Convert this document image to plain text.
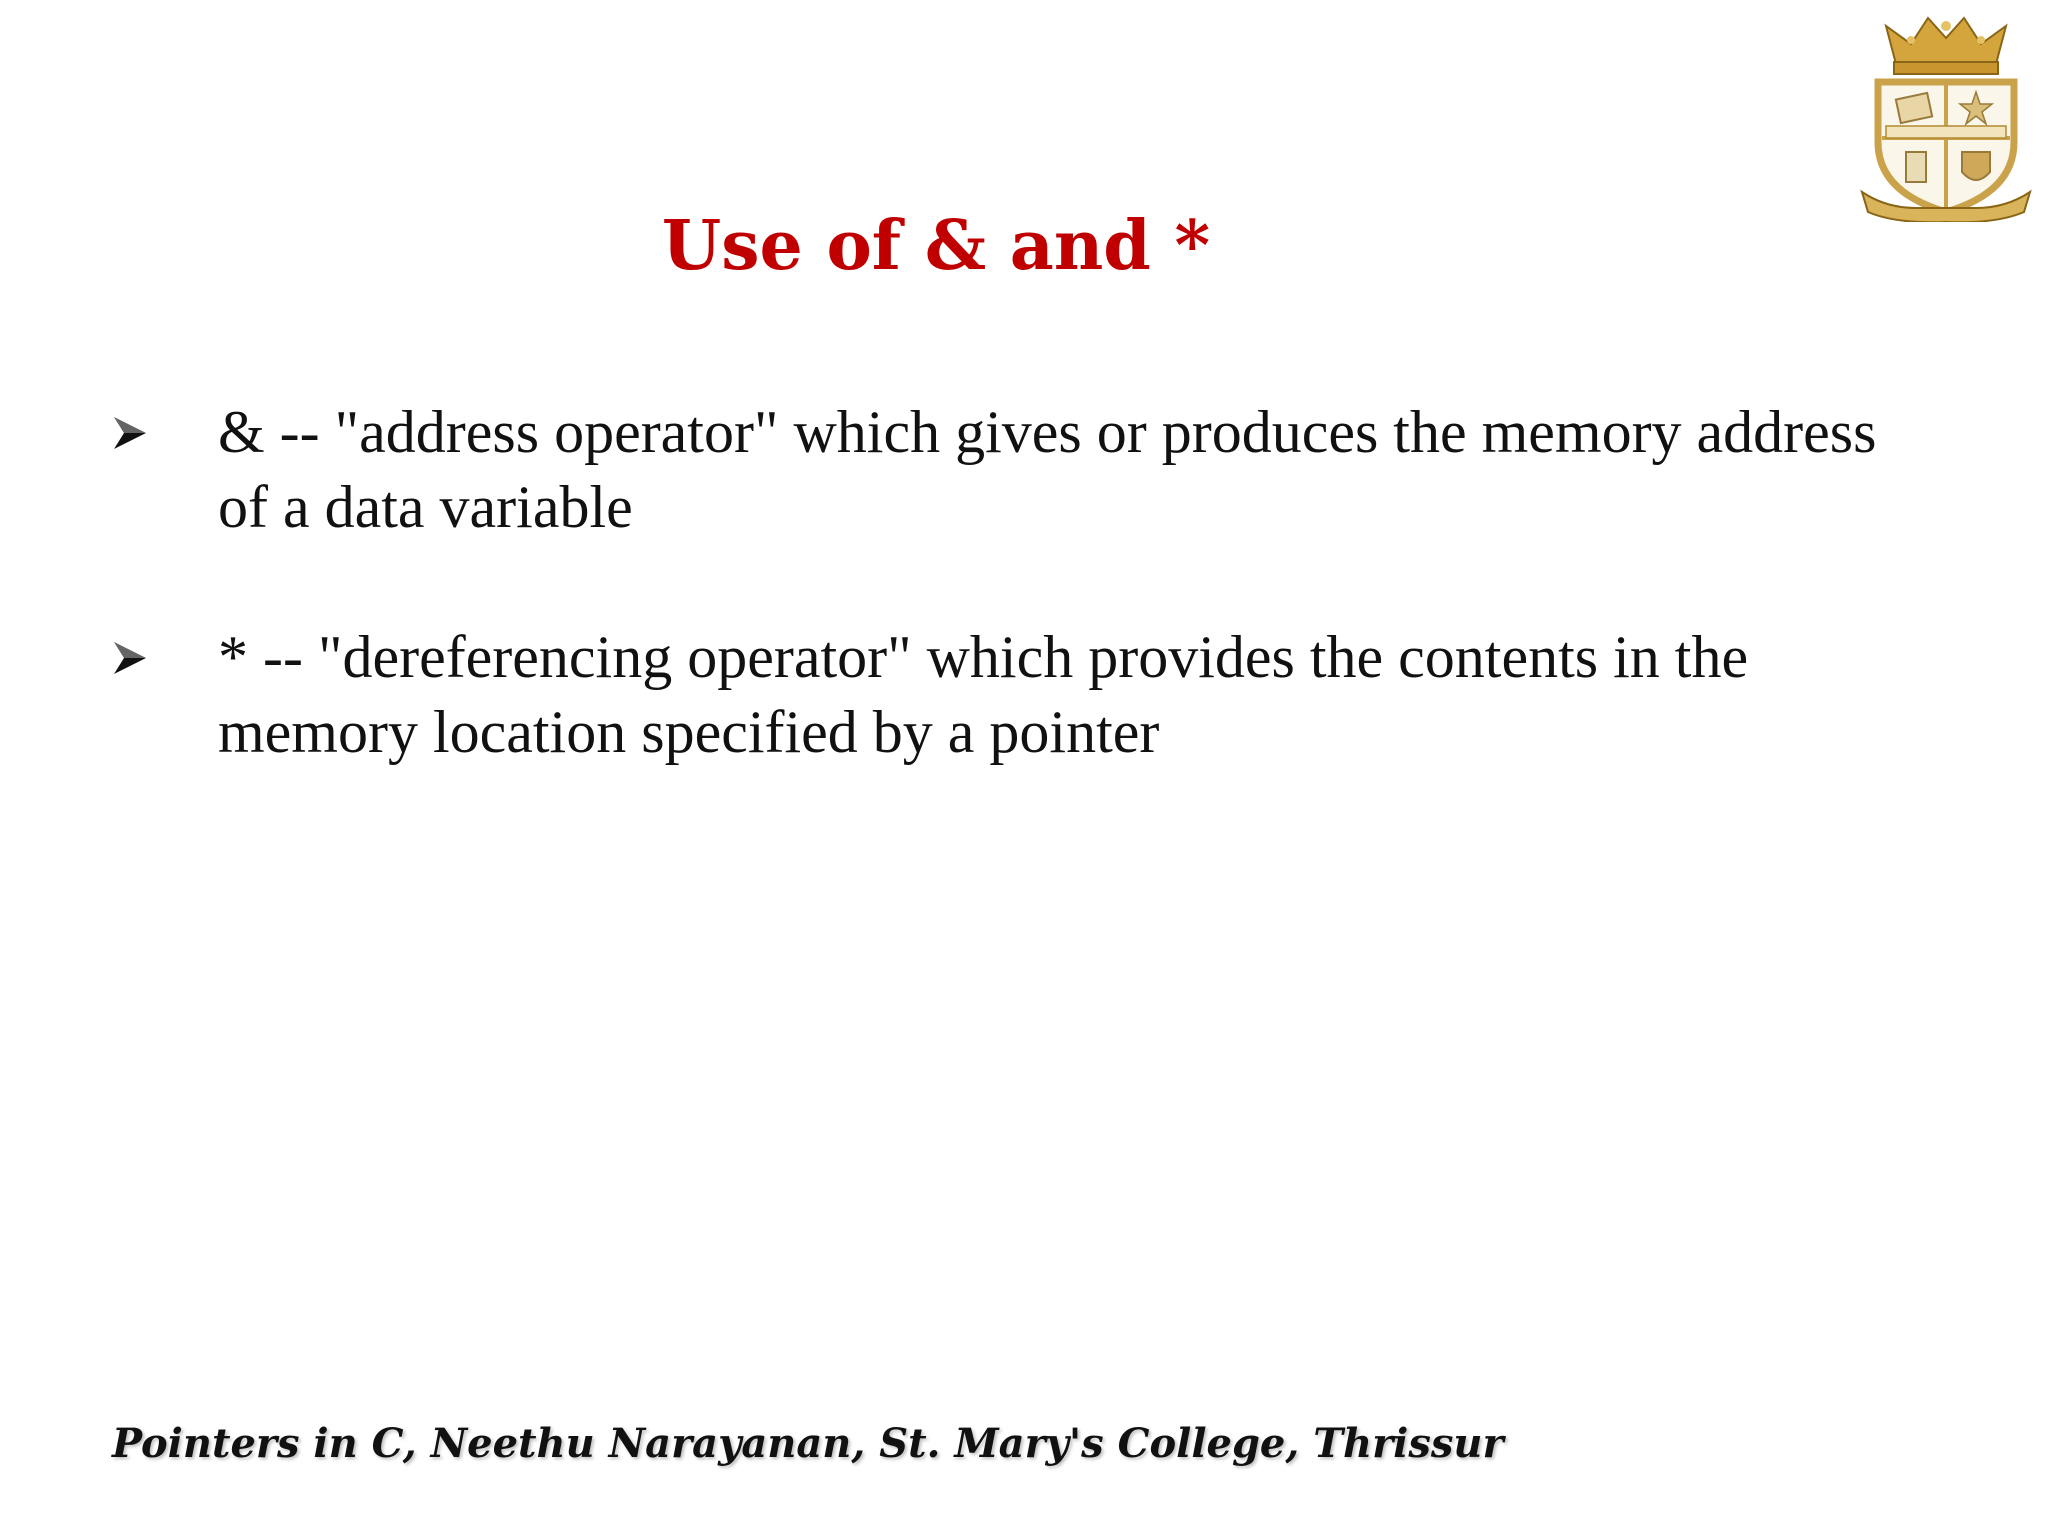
Use of & and *
& -- "address operator" which gives or produces the memory address of a data variable
* -- "dereferencing operator" which provides the contents in the memory location specified by a pointer
Pointers in C, Neethu Narayanan, St. Mary's College, Thrissur
